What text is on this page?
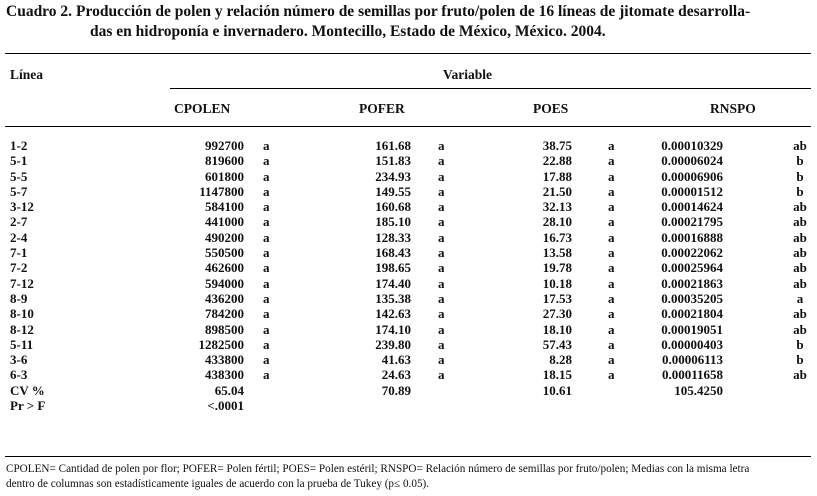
Cuadro 2. Producción de polen y relación número de semillas por fruto/polen de 16 líneas de jitomate desarrolla-
das en hidroponía e invernadero. Montecillo, Estado de México, México. 2004.
Línea	Variable
CPOLEN	POFER	POES	RNSPO
1-2	992700 a	161.68 a	38.75	a	0.00010329	ab
5-1	819600 a	151.83 a	22.88	a	0.00006024	b
5-5	601800 a	234.93 a	17.88	a	0.00006906	b
5-7	1147800 a	149.55 a	21.50	a	0.00001512	b
3-12	584100 a	160.68 a	32.13	a	0.00014624	ab
2-7	441000 a	185.10 a	28.10	a	0.00021795	ab
2-4	490200 a	128.33 a	16.73	a	0.00016888	ab
7-1	550500 a	168.43 a	13.58	a	0.00022062	ab
7-2	462600 a	198.65 a	19.78	a	0.00025964	ab
7-12	594000 a	174.40 a	10.18	a	0.00021863	ab
8-9	436200 a	135.38 a	17.53	a	0.00035205	a
8-10	784200 a	142.63 a	27.30	a	0.00021804	ab
8-12	898500 a	174.10 a	18.10	a	0.00019051	ab
5-11	1282500 a	239.80 a	57.43	a	0.00000403	b
3-6	433800 a	41.63 a	8.28	a	0.00006113	b
6-3	438300 a	24.63 a	18.15	a	0.00011658	ab
CV %	65.04	70.89	10.61	105.4250
Pr > F	<.0001
CPOLEN= Cantidad de polen por flor; POFER= Polen fértil; POES= Polen estéril; RNSPO= Relación número de semillas por fruto/polen; Medias con la misma letra
dentro de columnas son estadísticamente iguales de acuerdo con la prueba de Tukey (p≤ 0.05).
